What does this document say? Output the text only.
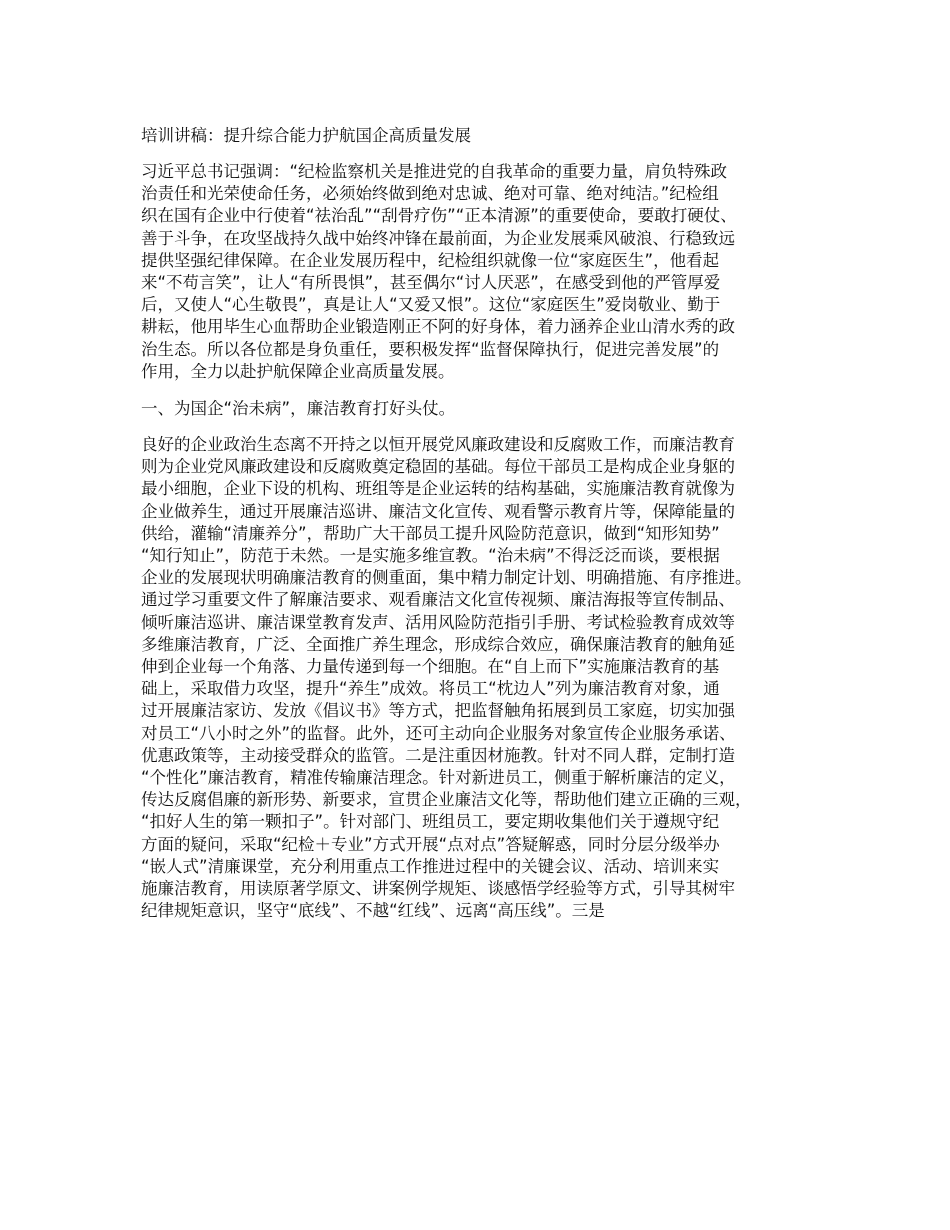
培训讲稿：提升综合能力护航国企高质量发展
习近平总书记强调：“纪检监察机关是推进党的自我革命的重要力量，肩负特殊政
治责任和光荣使命任务，必须始终做到绝对忠诚、绝对可靠、绝对纯洁。”纪检组
织在国有企业中行使着“祛治乱”“刮骨疗伤”“正本清源”的重要使命，要敢打硬仗、
善于斗争，在攻坚战持久战中始终冲锋在最前面，为企业发展乘风破浪、行稳致远
提供坚强纪律保障。在企业发展历程中，纪检组织就像一位“家庭医生”，他看起
来“不苟言笑”，让人“有所畏惧”，甚至偶尔“讨人厌恶”，在感受到他的严管厚爱
后，又使人“心生敬畏”，真是让人“又爱又恨”。这位“家庭医生”爱岗敬业、勤于
耕耘，他用毕生心血帮助企业锻造刚正不阿的好身体，着力涵养企业山清水秀的政
治生态。所以各位都是身负重任，要积极发挥“监督保障执行，促进完善发展”的
作用，全力以赴护航保障企业高质量发展。
一、为国企“治未病”，廉洁教育打好头仗。
良好的企业政治生态离不开持之以恒开展党风廉政建设和反腐败工作，而廉洁教育
则为企业党风廉政建设和反腐败奠定稳固的基础。每位干部员工是构成企业身躯的
最小细胞，企业下设的机构、班组等是企业运转的结构基础，实施廉洁教育就像为
企业做养生，通过开展廉洁巡讲、廉洁文化宣传、观看警示教育片等，保障能量的
供给，灌输“清廉养分”，帮助广大干部员工提升风险防范意识，做到“知形知势”
“知行知止”，防范于未然。一是实施多维宣教。“治未病”不得泛泛而谈，要根据
企业的发展现状明确廉洁教育的侧重面，集中精力制定计划、明确措施、有序推进。
通过学习重要文件了解廉洁要求、观看廉洁文化宣传视频、廉洁海报等宣传制品、
倾听廉洁巡讲、廉洁课堂教育发声、活用风险防范指引手册、考试检验教育成效等
多维廉洁教育，广泛、全面推广养生理念，形成综合效应，确保廉洁教育的触角延
伸到企业每一个角落、力量传递到每一个细胞。在“自上而下”实施廉洁教育的基
础上，采取借力攻坚，提升“养生”成效。将员工“枕边人”列为廉洁教育对象，通
过开展廉洁家访、发放《倡议书》等方式，把监督触角拓展到员工家庭，切实加强
对员工“八小时之外”的监督。此外，还可主动向企业服务对象宣传企业服务承诺、
优惠政策等，主动接受群众的监管。二是注重因材施教。针对不同人群，定制打造
“个性化”廉洁教育，精准传输廉洁理念。针对新进员工，侧重于解析廉洁的定义，
传达反腐倡廉的新形势、新要求，宣贯企业廉洁文化等，帮助他们建立正确的三观，
“扣好人生的第一颗扣子”。针对部门、班组员工，要定期收集他们关于遵规守纪
方面的疑问，采取“纪检＋专业”方式开展“点对点”答疑解惑，同时分层分级举办
“嵌人式”清廉课堂，充分利用重点工作推进过程中的关键会议、活动、培训来实
施廉洁教育，用读原著学原文、讲案例学规矩、谈感悟学经验等方式，引导其树牢
纪律规矩意识，坚守“底线”、不越“红线”、远离“高压线”。三是
